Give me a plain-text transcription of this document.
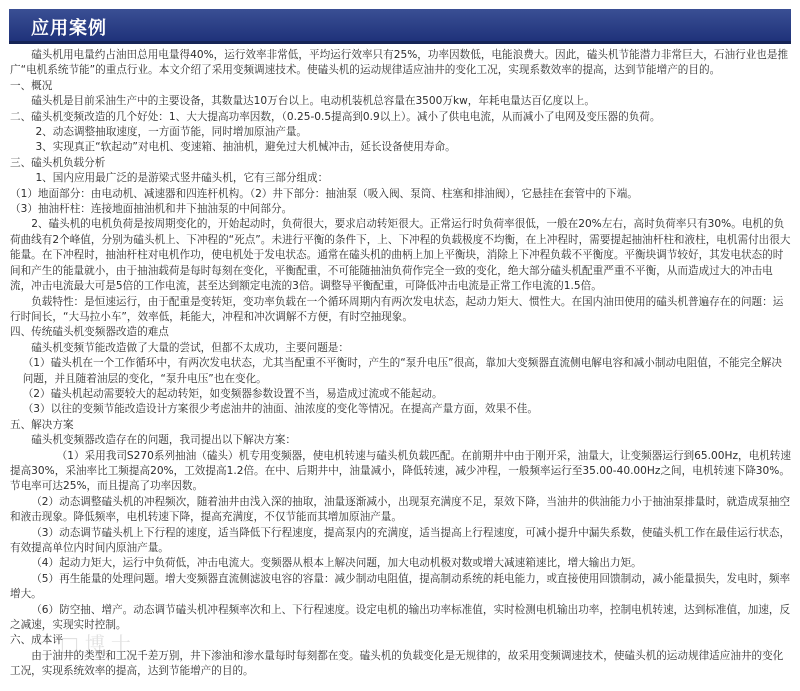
应用案例

磕头机用电量约占油田总用电量得40%，运行效率非常低，平均运行效率只有25%，功率因数低，电能浪费大。因此，磕头机节能潜力非常巨大，石油行业也是推广“电机系统节能”的重点行业。本文介绍了采用变频调速技术。使磕头机的运动规律适应油井的变化工况，实现系数效率的提高，达到节能增产的目的。

一、概况

磕头机是目前采油生产中的主要设备，其数量达10万台以上。电动机装机总容量在3500万kw，年耗电量达百亿度以上。

二、磕头机变频改造的几个好处：1、大大提高功率因数，（0.25-0.5提高到0.9以上）。减小了供电电流，从而减小了电网及变压器的负荷。

2、动态调整抽取速度，一方面节能，同时增加原油产量。

3、实现真正“软起动”对电机、变速箱、抽油机，避免过大机械冲击，延长设备使用寿命。

三、磕头机负载分析

1、国内应用最广泛的是游梁式竖井磕头机，它有三部分组成：

（1）地面部分：由电动机、减速器和四连杆机构。（2）井下部分：抽油泵（吸入阀、泵筒、柱塞和排油阀），它悬挂在套管中的下端。

（3）抽油杆柱：连接地面抽油机和井下抽油泵的中间部分。

2、磕头机的电机负荷是按周期变化的，开始起动时，负荷很大，要求启动转矩很大。正常运行时负荷率很低，一般在20%左右，高时负荷率只有30%。电机的负荷曲线有2个峰值，分别为磕头机上、下冲程的“死点”。未进行平衡的条件下，上、下冲程的负载极度不均衡，在上冲程时，需要提起抽油杆柱和液柱，电机需付出很大能量。在下冲程时，抽油杆柱对电机作功，使电机处于发电状态。通常在磕头机的曲柄上加上平衡块，消除上下冲程负载不平衡度。平衡块调节较好，其发电状态的时间和产生的能量就小，由于抽油载荷是每时每刻在变化，平衡配重，不可能随抽油负荷作完全一致的变化，绝大部分磕头机配重严重不平衡，从而造成过大的冲击电流，冲击电流最大可是5倍的工作电流，甚至达到额定电流的3倍。调整导平衡配重，可降低冲击电流是正常工作电流的1.5倍。

负载特性：是恒速运行，由于配重是变转矩，变功率负载在一个循环周期内有两次发电状态，起动力矩大、惯性大。在国内油田使用的磕头机普遍存在的问题：运行时间长，“大马拉小车”，效率低，耗能大，冲程和冲次调解不方便，有时空抽现象。

四、传统磕头机变频器改造的难点

磕头机变频节能改造做了大量的尝试，但都不太成功，主要问题是：

（1）磕头机在一个工作循环中，有两次发电状态，尤其当配重不平衡时，产生的“泵升电压”很高，靠加大变频器直流侧电解电容和减小制动电阻值，不能完全解决问题，并且随着油层的变化，“泵升电压”也在变化。

（2）磕头机起动需要较大的起动转矩，如变频器参数设置不当，易造成过流或不能起动。

（3）以往的变频节能改造设计方案很少考虑油井的油面、油浓度的变化等情况。在提高产量方面，效果不佳。

五、解决方案

磕头机变频器改造存在的问题，我司提出以下解决方案：

（1）采用我司S270系列抽油（磕头）机专用变频器，使电机转速与磕头机负载匹配。在前期井中由于刚开采，油量大，让变频器运行到65.00Hz，电机转速提高30%，采油率比工频提高20%，工效提高1.2倍。在中、后期井中，油量减小，降低转速，减少冲程，一般频率运行至35.00-40.00Hz之间，电机转速下降30%。节电率可达25%，而且提高了功率因数。

（2）动态调整磕头机的冲程频次，随着油井由浅入深的抽取，油量逐渐减小，出现泵充满度不足，泵效下降，当油井的供油能力小于抽油泵排量时，就造成泵抽空和液击现象。降低频率，电机转速下降，提高充满度，不仅节能而其增加原油产量。

（3）动态调节磕头机上下行程的速度，适当降低下行程速度，提高泵内的充满度，适当提高上行程速度，可减小提升中漏失系数，使磕头机工作在最佳运行状态，有效提高单位内时间内原油产量。

（4）起动力矩大，运行中负荷低，冲击电流大。变频器从根本上解决问题，加大电动机极对数或增大减速箱速比，增大输出力矩。

（5）再生能量的处理问题。增大变频器直流侧滤波电容的容量：减少制动电阻值，提高制动系统的耗电能力，或直接使用回馈制动，减小能量损失，发电时，频率增大。

（6）防空抽、增产。动态调节磕头机冲程频率次和上、下行程速度。设定电机的输出功率标准值，实时检测电机输出功率，控制电机转速，达到标准值，加速，反之减速，实现实时控制。

六、成本评

由于油井的类型和工况千差万别，井下渗油和渗水量每时每刻都在变。磕头机的负载变化是无规律的，故采用变频调速技术，使磕头机的运动规律适应油井的变化工况，实现系统效率的提高，达到节能增产的目的。

□博士
